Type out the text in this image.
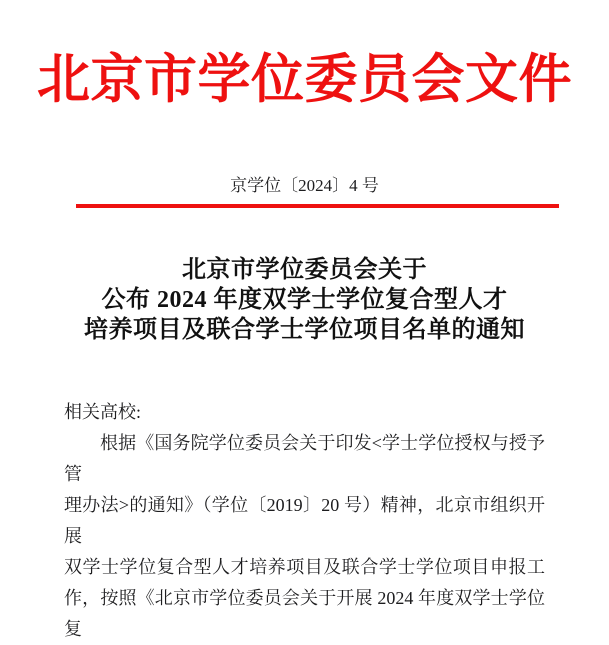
北京市学位委员会文件
京学位〔2024〕4 号
北京市学位委员会关于
公布 2024 年度双学士学位复合型人才
培养项目及联合学士学位项目名单的通知
相关高校:
根据《国务院学位委员会关于印发<学士学位授权与授予管
理办法>的通知》（学位〔2019〕20 号）精神，北京市组织开展
双学士学位复合型人才培养项目及联合学士学位项目申报工
作，按照《北京市学位委员会关于开展 2024 年度双学士学位复
